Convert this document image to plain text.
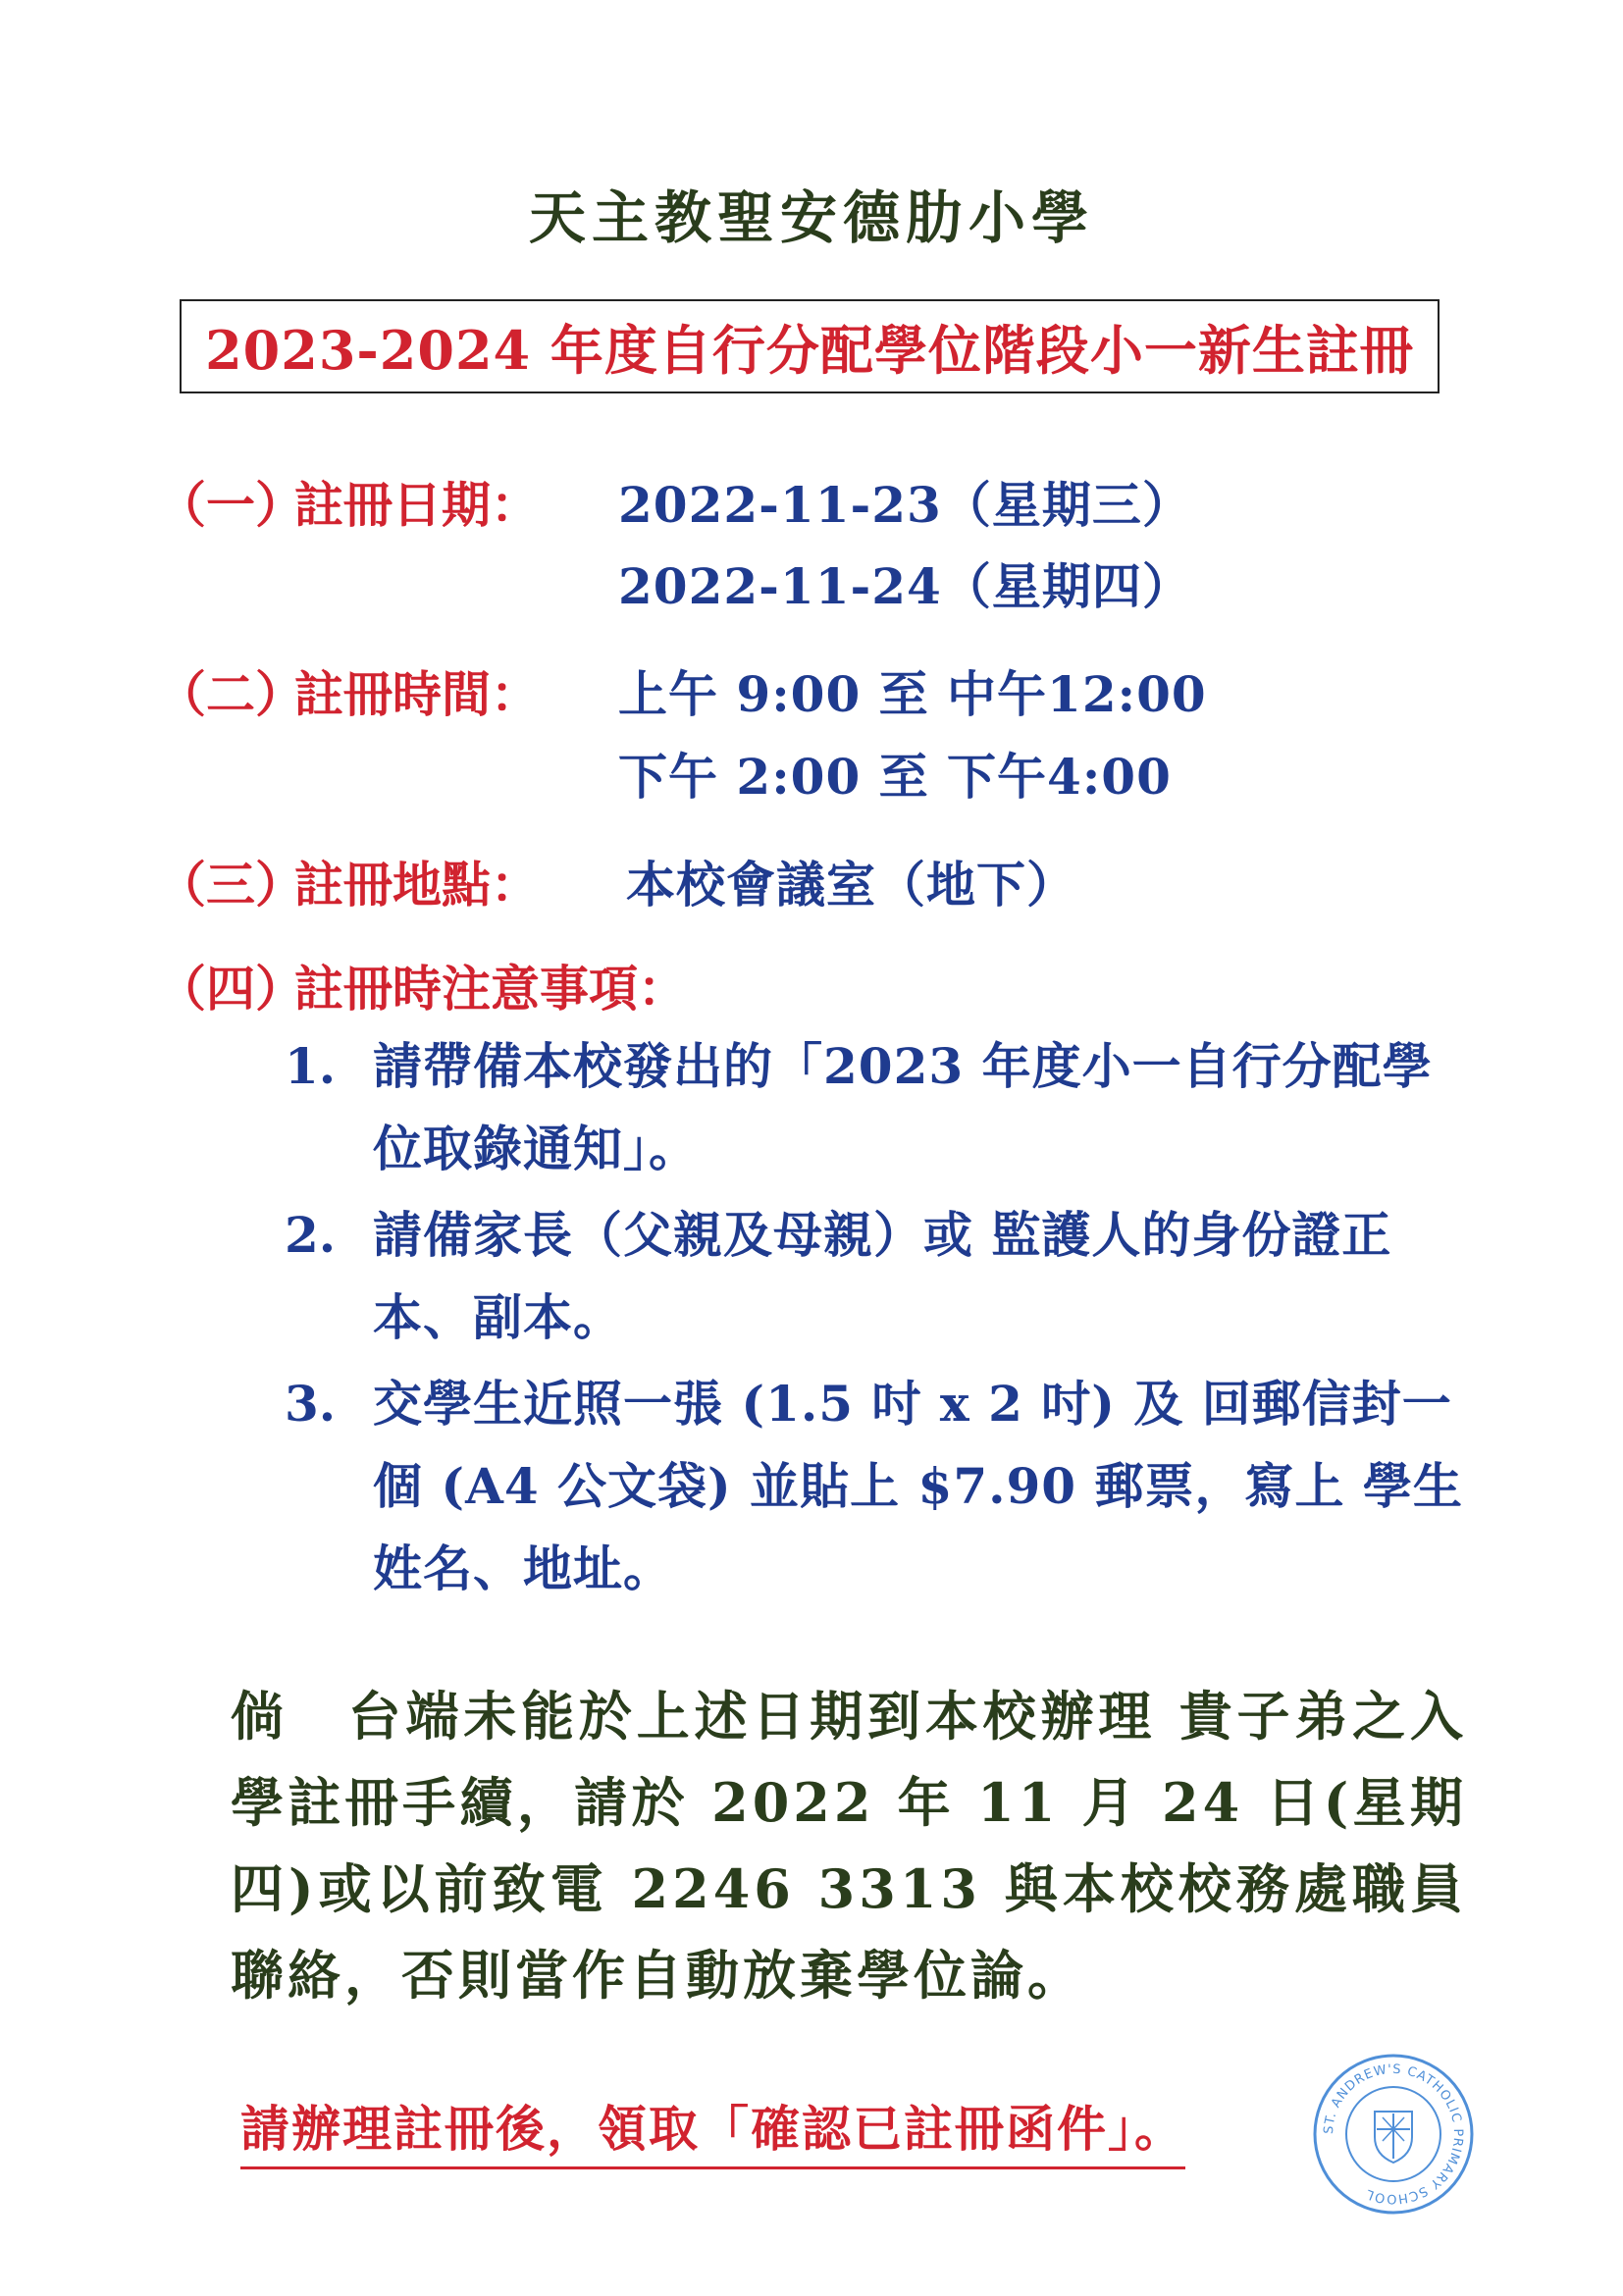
天主教聖安德肋小學
2023-2024 年度自行分配學位階段小一新生註冊
（一）註冊日期： 2022-11-23（星期三）
2022-11-24（星期四）
（二）註冊時間： 上午 9:00 至 中午12:00
下午 2:00 至 下午4:00
（三）註冊地點： 本校會議室（地下）
（四）註冊時注意事項：
1. 請帶備本校發出的「2023 年度小一自行分配學位取錄通知」。
2. 請備家長（父親及母親）或 監護人的身份證正本、副本。
3. 交學生近照一張 (1.5 吋 x 2 吋) 及 回郵信封一個 (A4 公文袋) 並貼上 $7.90 郵票，寫上 學生姓名、地址。
倘 台端未能於上述日期到本校辦理 貴子弟之入學註冊手續，請於 2022 年 11 月 24 日(星期四)或以前致電 2246 3313 與本校校務處職員聯絡，否則當作自動放棄學位論。
請辦理註冊後，領取「確認已註冊函件」。	ST. ANDREW'S CATHOLIC PRIMARY SCHOOL
